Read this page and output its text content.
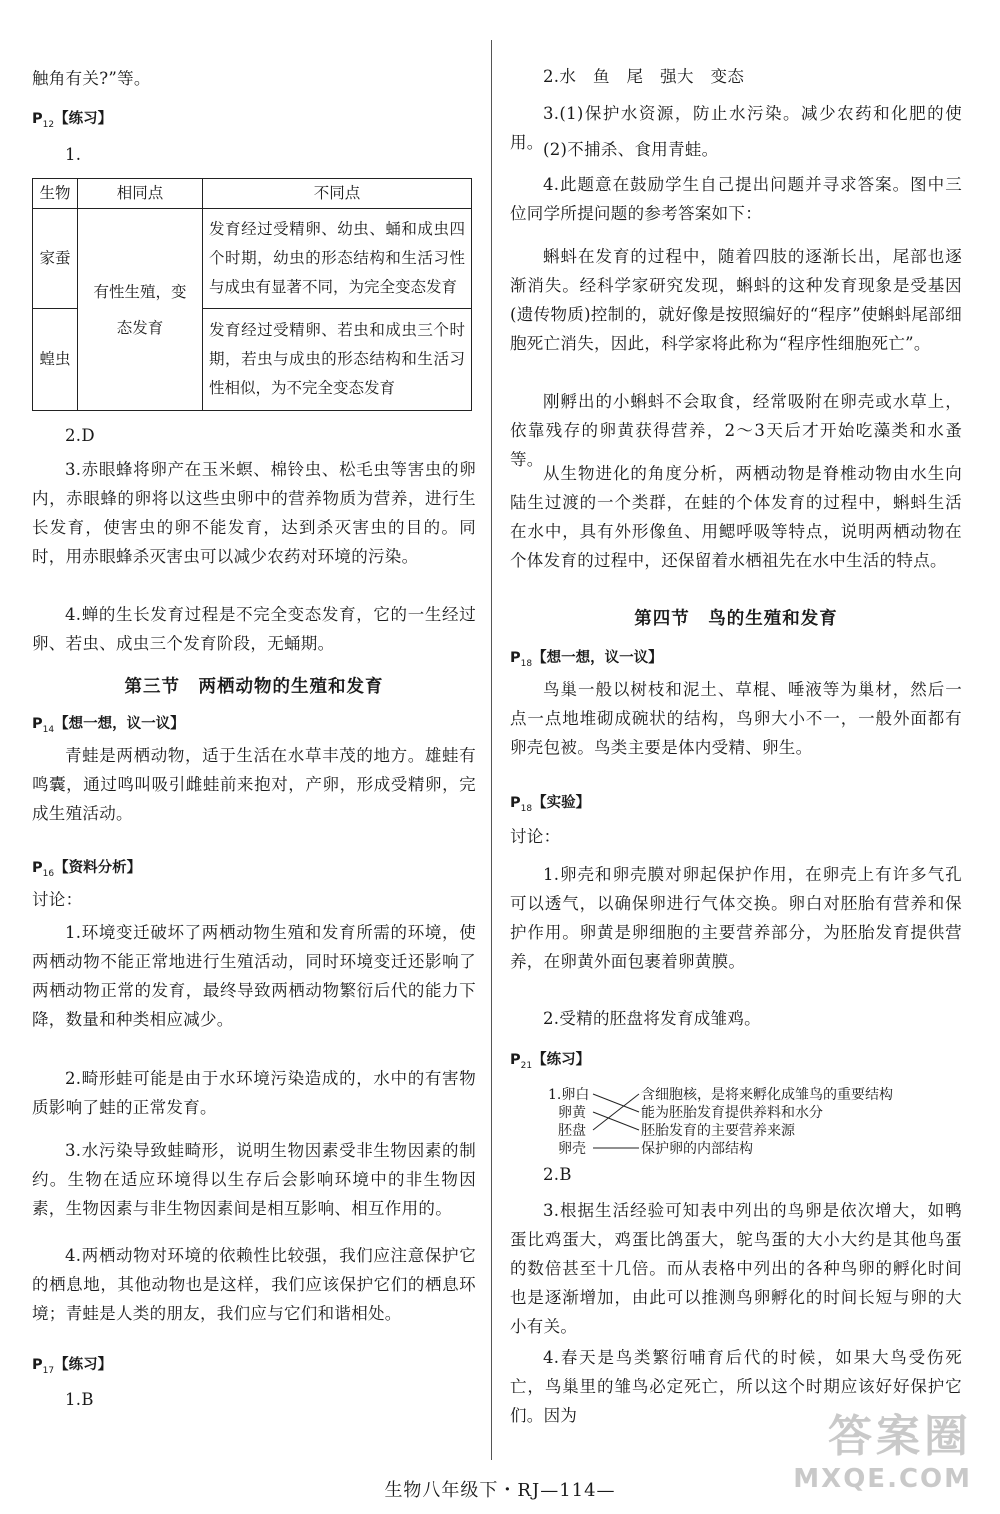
触角有关?”等。

$P_{12}$【练习】

1.

生物	相同点	不同点
家蚕	有性生殖，变态发育	发育经过受精卵、幼虫、蛹和成虫四个时期，幼虫的形态结构和生活习性与成虫有显著不同，为完全变态发育
蝗虫		发育经过受精卵、若虫和成虫三个时期，若虫与成虫的形态结构和生活习性相似，为不完全变态发育

2.D

3.赤眼蜂将卵产在玉米螟、棉铃虫、松毛虫等害虫的卵内，赤眼蜂的卵将以这些虫卵中的营养物质为营养，进行生长发育，使害虫的卵不能发育，达到杀灭害虫的目的。同时，用赤眼蜂杀灭害虫可以减少农药对环境的污染。

4.蝉的生长发育过程是不完全变态发育，它的一生经过卵、若虫、成虫三个发育阶段，无蛹期。

第三节　两栖动物的生殖和发育
$P_{14}$【想一想，议一议】

青蛙是两栖动物，适于生活在水草丰茂的地方。雄蛙有鸣囊，通过鸣叫吸引雌蛙前来抱对，产卵，形成受精卵，完成生殖活动。

$P_{16}$【资料分析】

讨论：

1.环境变迁破坏了两栖动物生殖和发育所需的环境，使两栖动物不能正常地进行生殖活动，同时环境变迁还影响了两栖动物正常的发育，最终导致两栖动物繁衍后代的能力下降，数量和种类相应减少。

2.畸形蛙可能是由于水环境污染造成的，水中的有害物质影响了蛙的正常发育。

3.水污染导致蛙畸形，说明生物因素受非生物因素的制约。生物在适应环境得以生存后会影响环境中的非生物因素，生物因素与非生物因素间是相互影响、相互作用的。

4.两栖动物对环境的依赖性比较强，我们应注意保护它的栖息地，其他动物也是这样，我们应该保护它们的栖息环境；青蛙是人类的朋友，我们应与它们和谐相处。

$P_{17}$【练习】

1.B

2.水　鱼　尾　强大　变态

3.(1)保护水资源，防止水污染。减少农药和化肥的使用。 (2)不捕杀、食用青蛙。

4.此题意在鼓励学生自己提出问题并寻求答案。图中三位同学所提问题的参考答案如下：

蝌蚪在发育的过程中，随着四肢的逐渐长出，尾部也逐渐消失。经科学家研究发现，蝌蚪的这种发育现象是受基因(遗传物质)控制的，就好像是按照编好的“程序”使蝌蚪尾部细胞死亡消失，因此，科学家将此称为“程序性细胞死亡”。

刚孵出的小蝌蚪不会取食，经常吸附在卵壳或水草上，依靠残存的卵黄获得营养，2～3天后才开始吃藻类和水蚤等。

从生物进化的角度分析，两栖动物是脊椎动物由水生向陆生过渡的一个类群，在蛙的个体发育的过程中，蝌蚪生活在水中，具有外形像鱼、用鳃呼吸等特点，说明两栖动物在个体发育的过程中，还保留着水栖祖先在水中生活的特点。

第四节　鸟的生殖和发育
$P_{18}$【想一想，议一议】

鸟巢一般以树枝和泥土、草棍、唾液等为巢材，然后一点一点地堆砌成碗状的结构，鸟卵大小不一，一般外面都有卵壳包被。鸟类主要是体内受精、卵生。

$P_{18}$【实验】

讨论：

1.卵壳和卵壳膜对卵起保护作用，在卵壳上有许多气孔可以透气，以确保卵进行气体交换。卵白对胚胎有营养和保护作用。卵黄是卵细胞的主要营养部分，为胚胎发育提供营养，在卵黄外面包裹着卵黄膜。

2.受精的胚盘将发育成雏鸡。

$P_{21}$【练习】
1.卵白
卵黄
胚盘
卵壳
含细胞核，是将来孵化成雏鸟的重要结构
能为胚胎发育提供养料和水分
胚胎发育的主要营养来源
保护卵的内部结构

2.B

3.根据生活经验可知表中列出的鸟卵是依次增大，如鸭蛋比鸡蛋大，鸡蛋比鸽蛋大，鸵鸟蛋的大小大约是其他鸟蛋的数倍甚至十几倍。而从表格中列出的各种鸟卵的孵化时间也是逐渐增加，由此可以推测鸟卵孵化的时间长短与卵的大小有关。

4.春天是鸟类繁衍哺育后代的时候，如果大鸟受伤死亡，鸟巢里的雏鸟必定死亡，所以这个时期应该好好保护它们。因为

生物八年级下・RJ—114—
答案圈
MXQE.COM
